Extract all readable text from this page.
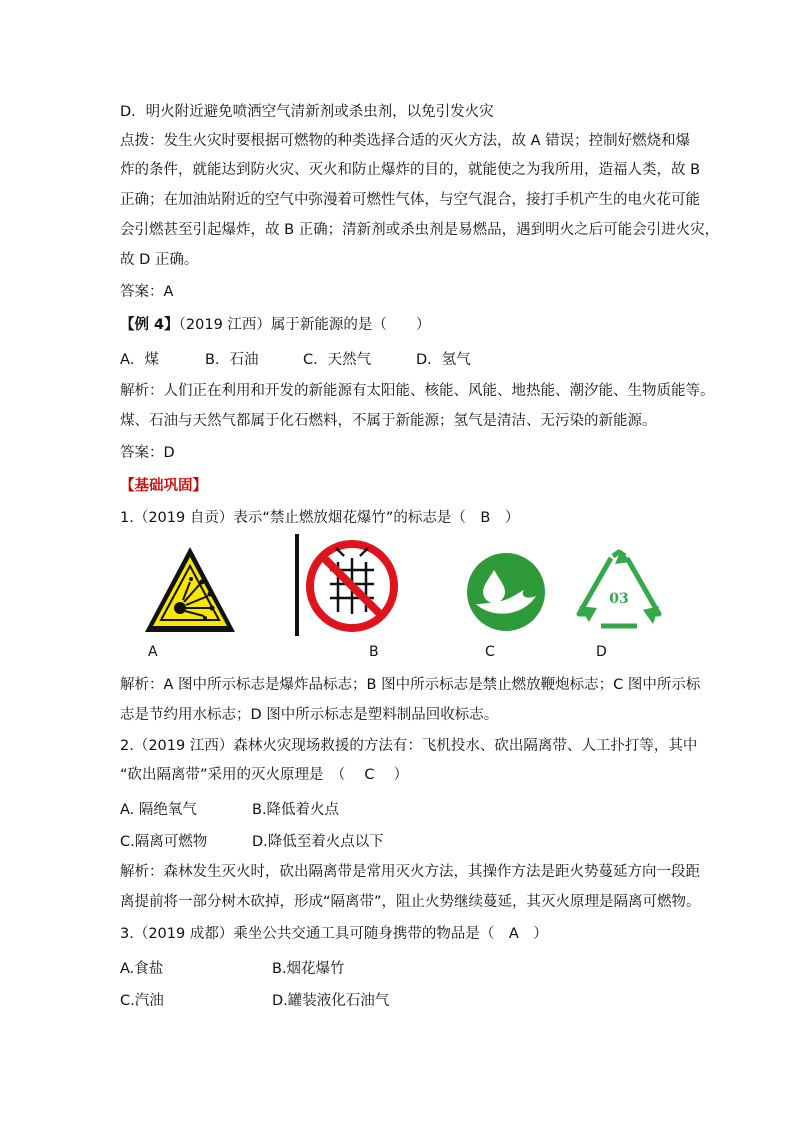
D．明火附近避免喷洒空气清新剂或杀虫剂，以免引发火灾
点拨：发生火灾时要根据可燃物的种类选择合适的灭火方法，故 A 错误；控制好燃烧和爆
炸的条件，就能达到防火灾、灭火和防止爆炸的目的，就能使之为我所用，造福人类，故 B
正确；在加油站附近的空气中弥漫着可燃性气体，与空气混合，接打手机产生的电火花可能
会引燃甚至引起爆炸，故 B 正确；清新剂或杀虫剂是易燃品，遇到明火之后可能会引进火灾，
故 D 正确。
答案：A
【例 4】（2019 江西）属于新能源的是（　　）
A．煤	B．石油	C．天然气	D．氢气
解析：人们正在利用和开发的新能源有太阳能、核能、风能、地热能、潮汐能、生物质能等。
煤、石油与天然气都属于化石燃料，不属于新能源；氢气是清洁、无污染的新能源。
答案：D
【基础巩固】
1.（2019 自贡）表示“禁止燃放烟花爆竹”的标志是（　B　）
03
A	B	C	D
解析：A 图中所示标志是爆炸品标志；B 图中所示标志是禁止燃放鞭炮标志；C 图中所示标
志是节约用水标志；D 图中所示标志是塑料制品回收标志。
2.（2019 江西）森林火灾现场救援的方法有：飞机投水、砍出隔离带、人工扑打等，其中
“砍出隔离带”采用的灭火原理是　（　 C　 ）
A. 隔绝氧气	B.降低着火点
C.隔离可燃物	D.降低至着火点以下
解析：森林发生灭火时，砍出隔离带是常用灭火方法，其操作方法是距火势蔓延方向一段距
离提前将一部分树木砍掉，形成“隔离带”，阻止火势继续蔓延，其灭火原理是隔离可燃物。
3.（2019 成都）乘坐公共交通工具可随身携带的物品是（　A　）
A.食盐	B.烟花爆竹
C.汽油	D.罐装液化石油气
